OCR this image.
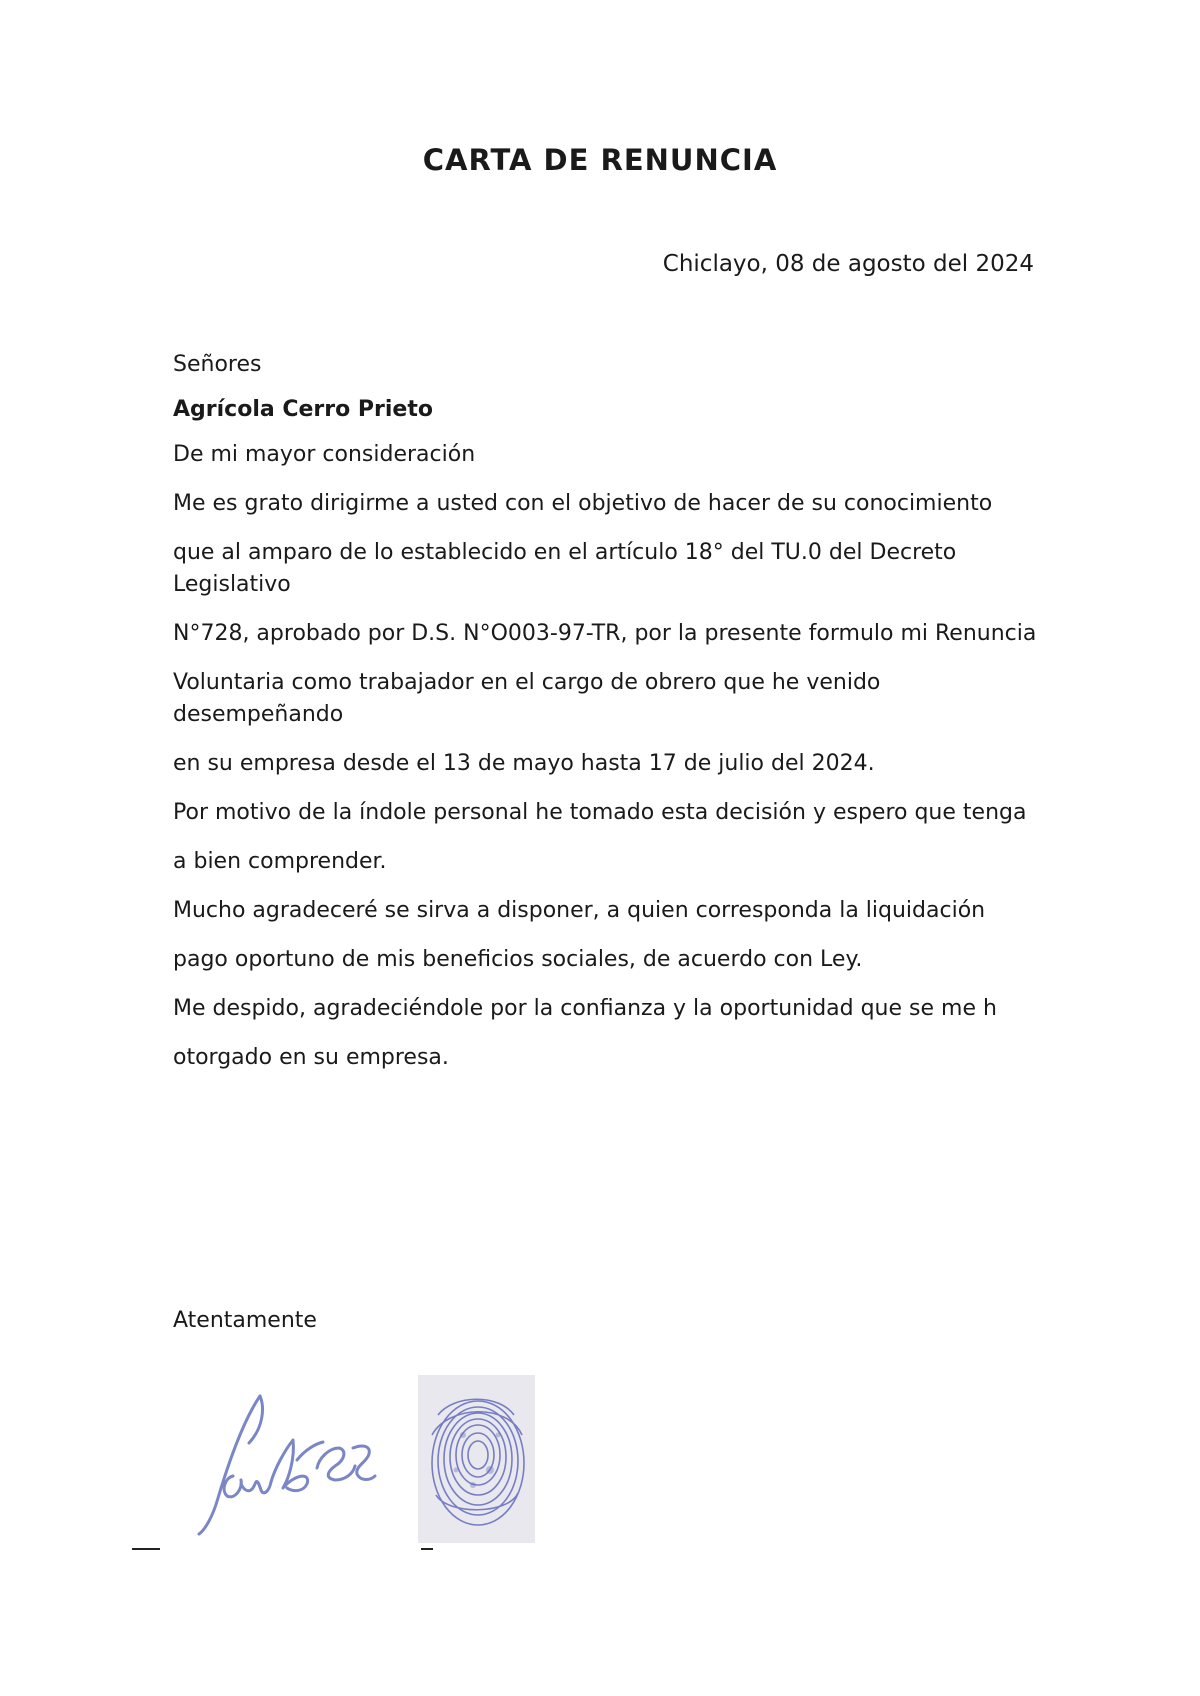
CARTA DE RENUNCIA
Chiclayo, 08 de agosto del 2024

Señores

Agrícola Cerro Prieto

De mi mayor consideración

Me es grato dirigirme a usted con el objetivo de hacer de su conocimiento

que al amparo de lo establecido en el artículo 18° del TU.0 del Decreto Legislativo

N°728, aprobado por D.S. N°O003-97-TR, por la presente formulo mi Renuncia

Voluntaria como trabajador en el cargo de obrero que he venido desempeñando

en su empresa desde el 13 de mayo hasta 17 de julio del 2024.

Por motivo de la índole personal he tomado esta decisión y espero que tenga

a bien comprender.

Mucho agradeceré se sirva a disponer, a quien corresponda la liquidación

pago oportuno de mis beneficios sociales, de acuerdo con Ley.

Me despido, agradeciéndole por la confianza y la oportunidad que se me h

otorgado en su empresa.

Atentamente
